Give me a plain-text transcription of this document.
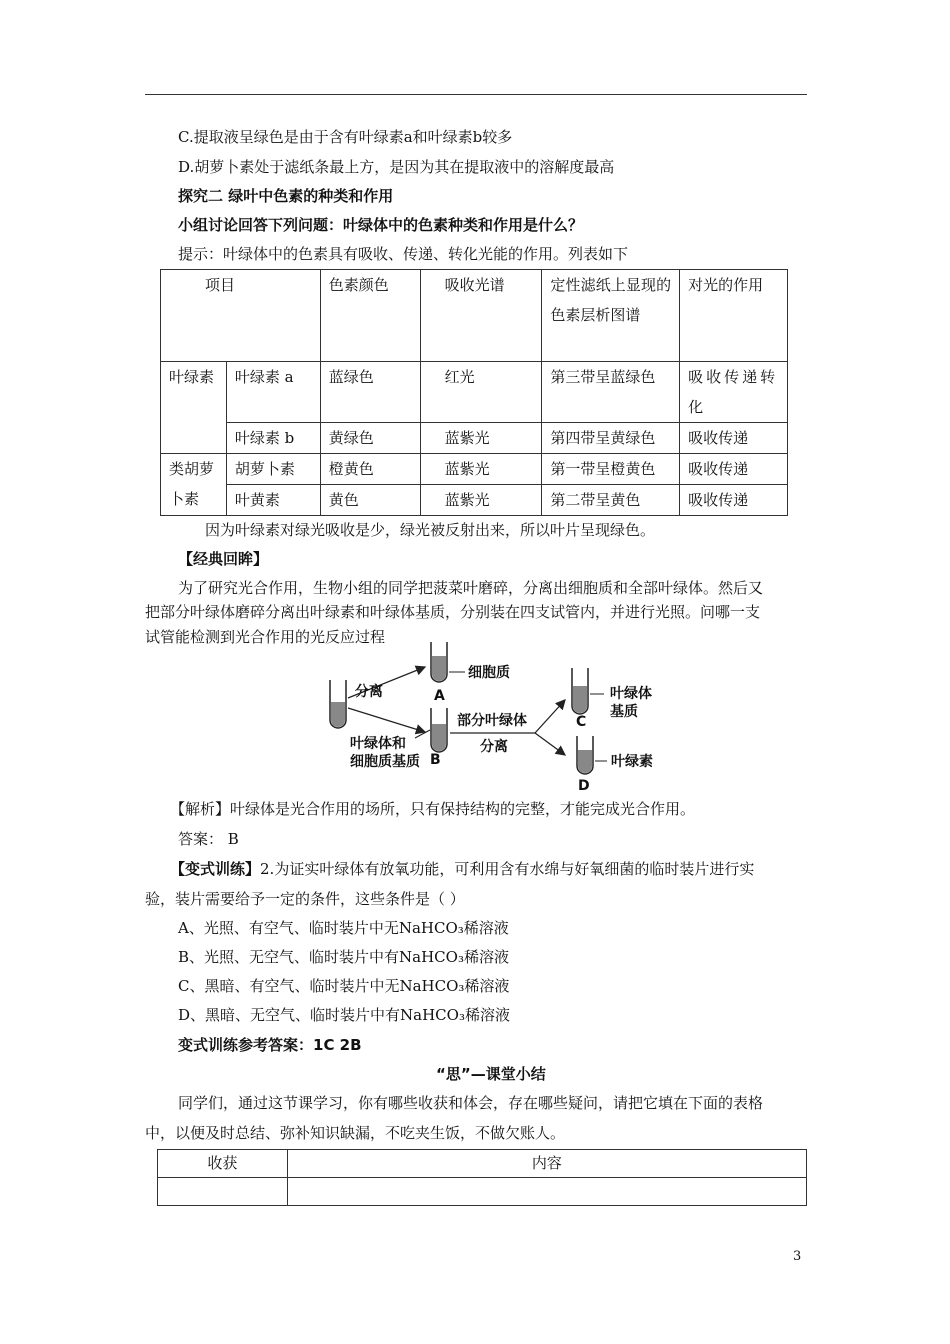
C.提取液呈绿色是由于含有叶绿素a和叶绿素b较多
D.胡萝卜素处于滤纸条最上方，是因为其在提取液中的溶解度最高
探究二 绿叶中色素的种类和作用
小组讨论回答下列问题：叶绿体中的色素种类和作用是什么？
提示：叶绿体中的色素具有吸收、传递、转化光能的作用。列表如下
项目		色素颜色	吸收光谱	定性滤纸上显现的色素层析图谱	对光的作用
叶绿素	叶绿素 a	蓝绿色	红光	第三带呈蓝绿色	吸收传递转化
	叶绿素 b	黄绿色	蓝紫光	第四带呈黄绿色	吸收传递
类胡萝卜素	胡萝卜素	橙黄色	蓝紫光	第一带呈橙黄色	吸收传递
	叶黄素	黄色	蓝紫光	第二带呈黄色	吸收传递
因为叶绿素对绿光吸收是少，绿光被反射出来，所以叶片呈现绿色。
【经典回眸】
为了研究光合作用，生物小组的同学把菠菜叶磨碎，分离出细胞质和全部叶绿体。然后又
把部分叶绿体磨碎分离出叶绿素和叶绿体基质，分别装在四支试管内，并进行光照。问哪一支
试管能检测到光合作用的光反应过程
分离
细胞质
A
B
叶绿体和
细胞质基质
部分叶绿体
分离
叶绿体
基质
C
叶绿素
D
【解析】叶绿体是光合作用的场所，只有保持结构的完整，才能完成光合作用。
答案： B
【变式训练】2.为证实叶绿体有放氧功能，可利用含有水绵与好氧细菌的临时装片进行实
验，装片需要给予一定的条件，这些条件是（ ）
A、光照、有空气、临时装片中无NaHCO₃稀溶液
B、光照、无空气、临时装片中有NaHCO₃稀溶液
C、黑暗、有空气、临时装片中无NaHCO₃稀溶液
D、黑暗、无空气、临时装片中有NaHCO₃稀溶液
变式训练参考答案：1C 2B
“思”—课堂小结
同学们，通过这节课学习，你有哪些收获和体会，存在哪些疑问，请把它填在下面的表格
中，以便及时总结、弥补知识缺漏，不吃夹生饭，不做欠账人。
收获	内容

3
